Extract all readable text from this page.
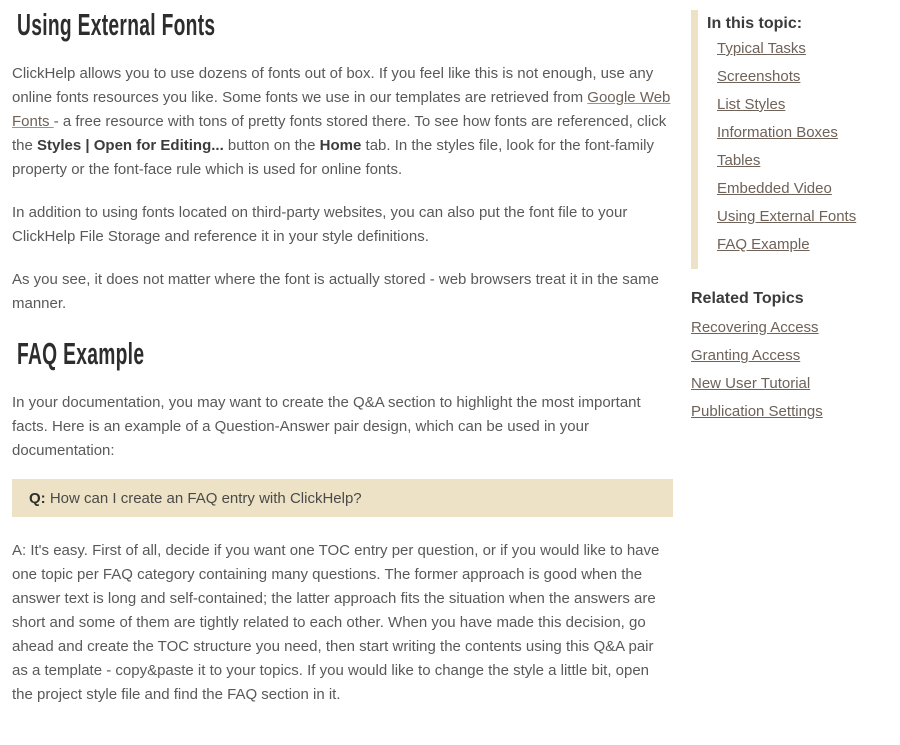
Using External Fonts

ClickHelp allows you to use dozens of fonts out of box. If you feel like this is not enough, use any online fonts resources you like. Some fonts we use in our templates are retrieved from Google Web Fonts - a free resource with tons of pretty fonts stored there. To see how fonts are referenced, click the Styles | Open for Editing... button on the Home tab. In the styles file, look for the font-family property or the font-face rule which is used for online fonts.

In addition to using fonts located on third-party websites, you can also put the font file to your ClickHelp File Storage and reference it in your style definitions.

As you see, it does not matter where the font is actually stored - web browsers treat it in the same manner.

FAQ Example

In your documentation, you may want to create the Q&A section to highlight the most important facts. Here is an example of a Question-Answer pair design, which can be used in your documentation:

Q: How can I create an FAQ entry with ClickHelp?

A: It's easy. First of all, decide if you want one TOC entry per question, or if you would like to have one topic per FAQ category containing many questions. The former approach is good when the answer text is long and self-contained; the latter approach fits the situation when the answers are short and some of them are tightly related to each other. When you have made this decision, go ahead and create the TOC structure you need, then start writing the contents using this Q&A pair as a template - copy&paste it to your topics. If you would like to change the style a little bit, open the project style file and find the FAQ section in it.

In this topic:
Typical Tasks
Screenshots
List Styles
Information Boxes
Tables
Embedded Video
Using External Fonts
FAQ Example
Related Topics
Recovering Access
Granting Access
New User Tutorial
Publication Settings
